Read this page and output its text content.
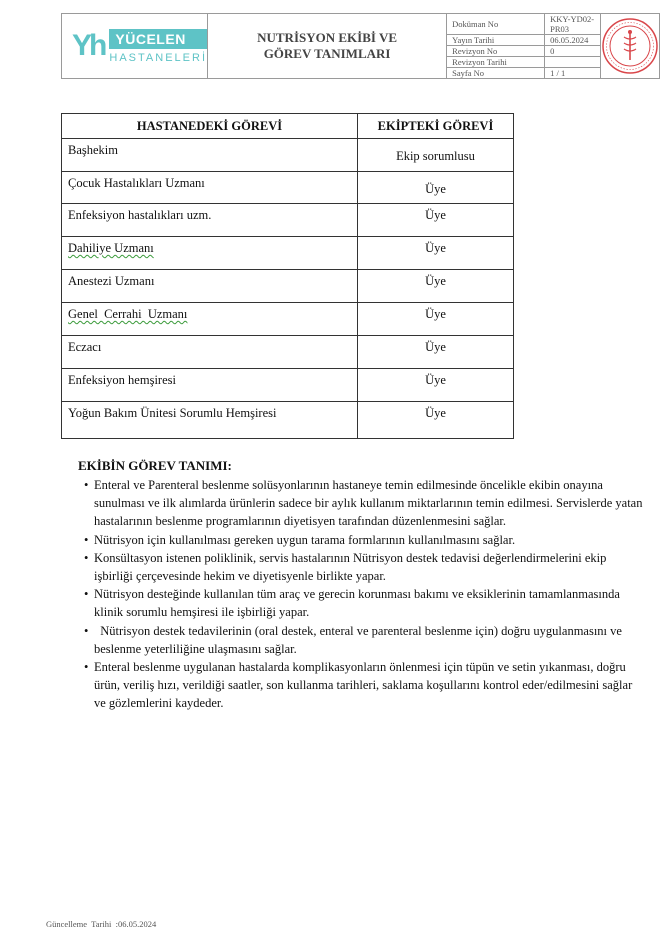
Yh YÜCELEN
HASTANELERİ
NUTRİSYON EKİBİ VE
GÖREV TANIMLARI
Doküman No	KKY-YD02-PR03
Yayın Tarihi	06.05.2024
Revizyon No	0
Revizyon Tarihi
Sayfa No	1 / 1
HASTANEDEKİ GÖREVİ	EKİPTEKİ GÖREVİ
Başhekim	Ekip sorumlusu
Çocuk Hastalıkları Uzmanı	Üye
Enfeksiyon hastalıkları uzm.	Üye
Dahiliye Uzmanı	Üye
Anestezi Uzmanı	Üye
Genel  Cerrahi  Uzmanı	Üye
Eczacı	Üye
Enfeksiyon hemşiresi	Üye
Yoğun Bakım Ünitesi Sorumlu Hemşiresi	Üye
EKİBİN GÖREV TANIMI:
• Enteral ve Parenteral beslenme solüsyonlarının hastaneye temin edilmesinde öncelikle ekibin onayına sunulması ve ilk alımlarda ürünlerin sadece bir aylık kullanım miktarlarının temin edilmesi. Servislerde yatan hastalarının beslenme programlarının diyetisyen tarafından düzenlenmesini sağlar.
• Nütrisyon için kullanılması gereken uygun tarama formlarının kullanılmasını sağlar.
• Konsültasyon istenen poliklinik, servis hastalarının Nütrisyon destek tedavisi değerlendirmelerini ekip işbirliği çerçevesinde hekim ve diyetisyenle birlikte yapar.
• Nütrisyon desteğinde kullanılan tüm araç ve gerecin korunması bakımı ve eksiklerinin tamamlanmasında klinik sorumlu hemşiresi ile işbirliği yapar.
•   Nütrisyon destek tedavilerinin (oral destek, enteral ve parenteral beslenme için) doğru uygulanmasını ve beslenme yeterliliğine ulaşmasını sağlar.
• Enteral beslenme uygulanan hastalarda komplikasyonların önlenmesi için tüpün ve setin yıkanması, doğru ürün, veriliş hızı, verildiği saatler, son kullanma tarihleri, saklama koşullarını kontrol eder/edilmesini sağlar ve gözlemlerini kaydeder.
Güncelleme  Tarihi  :06.05.2024
